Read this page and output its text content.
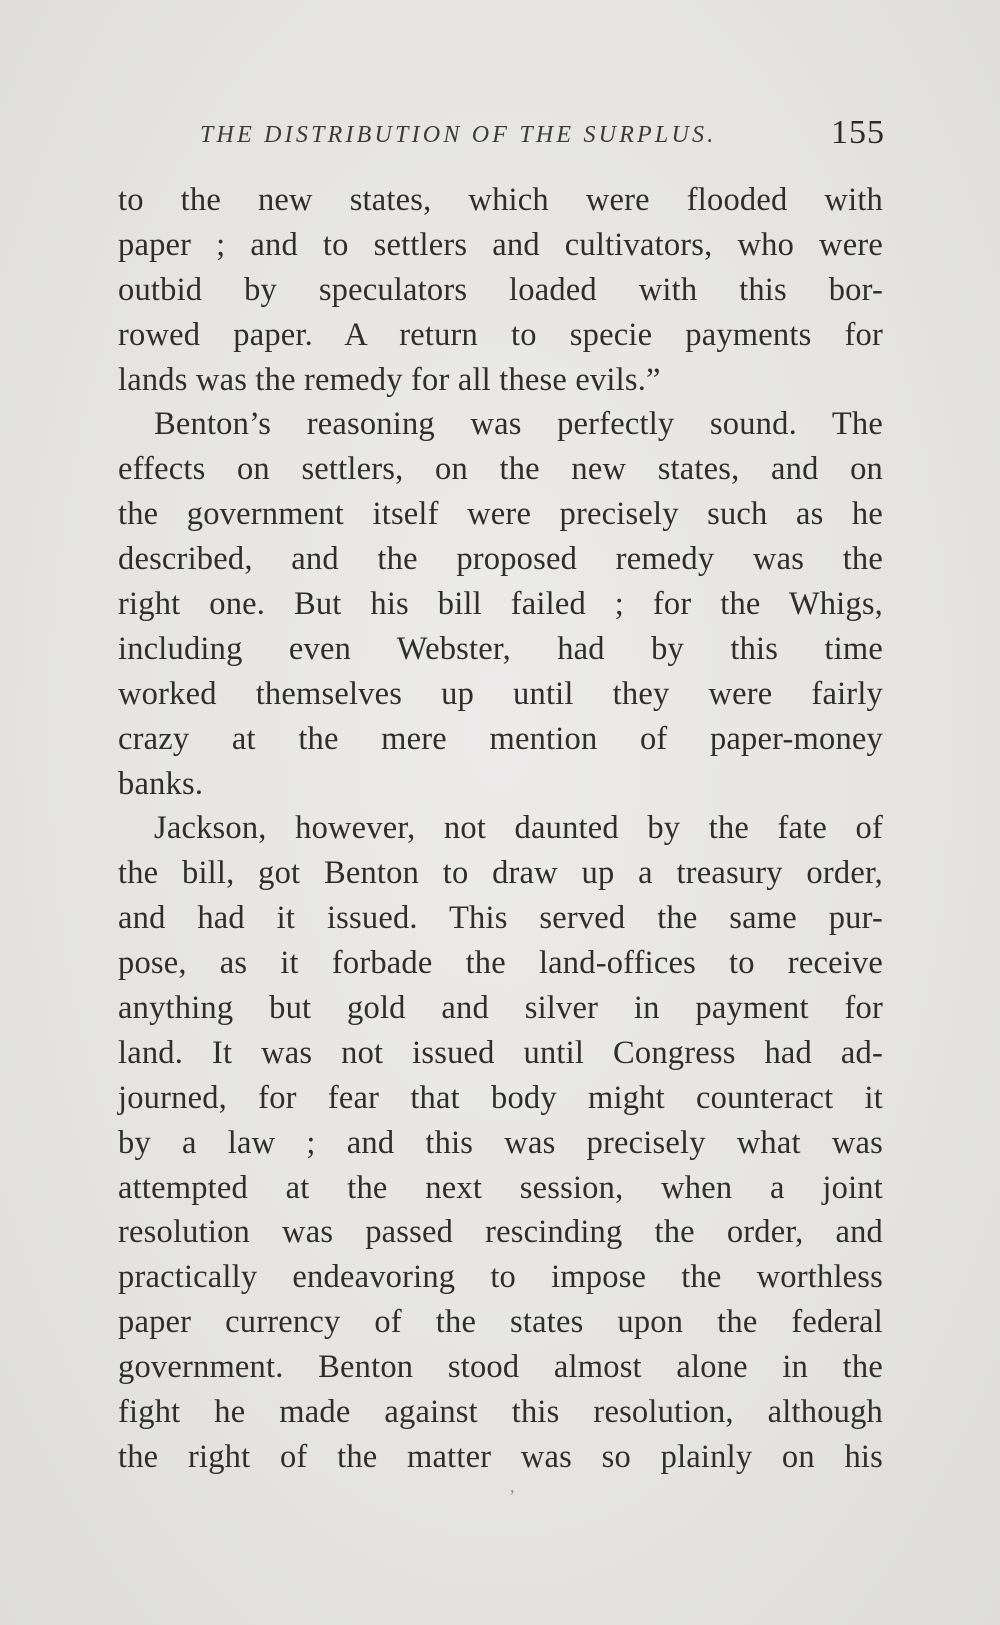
THE DISTRIBUTION OF THE SURPLUS.	155
to the new states, which were flooded with
paper ; and to settlers and cultivators, who were
outbid by speculators loaded with this bor-
rowed paper. A return to specie payments for
lands was the remedy for all these evils.”
Benton’s reasoning was perfectly sound. The
effects on settlers, on the new states, and on
the government itself were precisely such as he
described, and the proposed remedy was the
right one. But his bill failed ; for the Whigs,
including even Webster, had by this time
worked themselves up until they were fairly
crazy at the mere mention of paper-money
banks.
Jackson, however, not daunted by the fate of
the bill, got Benton to draw up a treasury order,
and had it issued. This served the same pur-
pose, as it forbade the land-offices to receive
anything but gold and silver in payment for
land. It was not issued until Congress had ad-
journed, for fear that body might counteract it
by a law ; and this was precisely what was
attempted at the next session, when a joint
resolution was passed rescinding the order, and
practically endeavoring to impose the worthless
paper currency of the states upon the federal
government. Benton stood almost alone in the
fight he made against this resolution, although
the right of the matter was so plainly on his
,
